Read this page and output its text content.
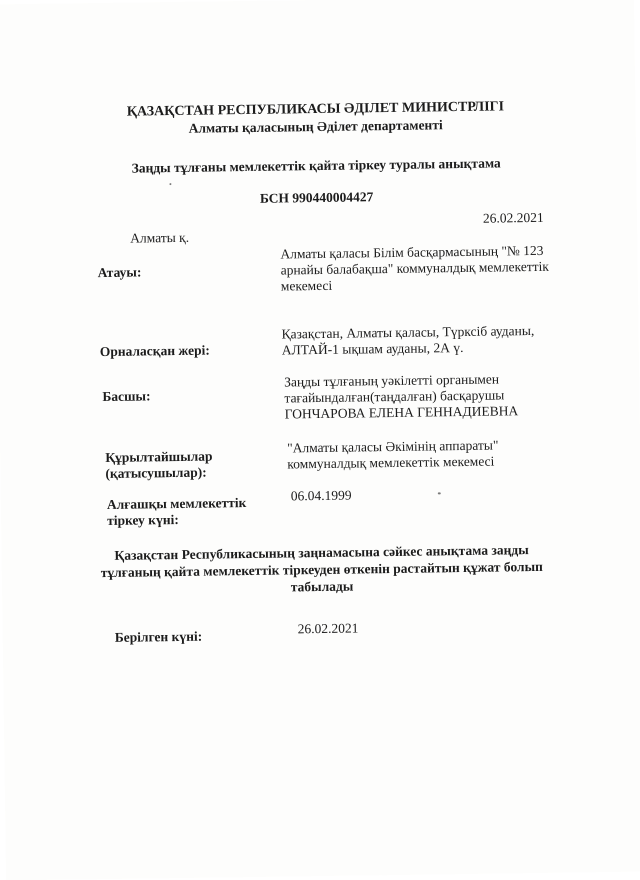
ҚАЗАҚСТАН РЕСПУБЛИКАСЫ ӘДІЛЕТ МИНИСТРЛІГІ
Алматы қаласының Әділет департаменті
Заңды тұлғаны мемлекеттік қайта тіркеу туралы анықтама
БСН 990440004427
Алматы қ.
26.02.2021
Атауы:
Алматы қаласы Білім басқармасының "№ 123
арнайы балабақша" коммуналдық мемлекеттік
мекемесі
Орналасқан жері:
Қазақстан, Алматы қаласы, Түрксіб ауданы,
АЛТАЙ-1 ықшам ауданы, 2А ү.
Басшы:
Заңды тұлғаның уәкілетті органымен
тағайындалған(таңдалған) басқарушы
ГОНЧАРОВА ЕЛЕНА ГЕННАДИЕВНА
Құрылтайшылар
(қатысушылар):
"Алматы қаласы Әкімінің аппараты"
коммуналдық мемлекеттік мекемесі
Алғашқы мемлекеттік
тіркеу күні:
06.04.1999
Қазақстан Республикасының заңнамасына сәйкес анықтама заңды
тұлғаның қайта мемлекеттік тіркеуден өткенін растайтын құжат болып
табылады
Берілген күні:
26.02.2021
